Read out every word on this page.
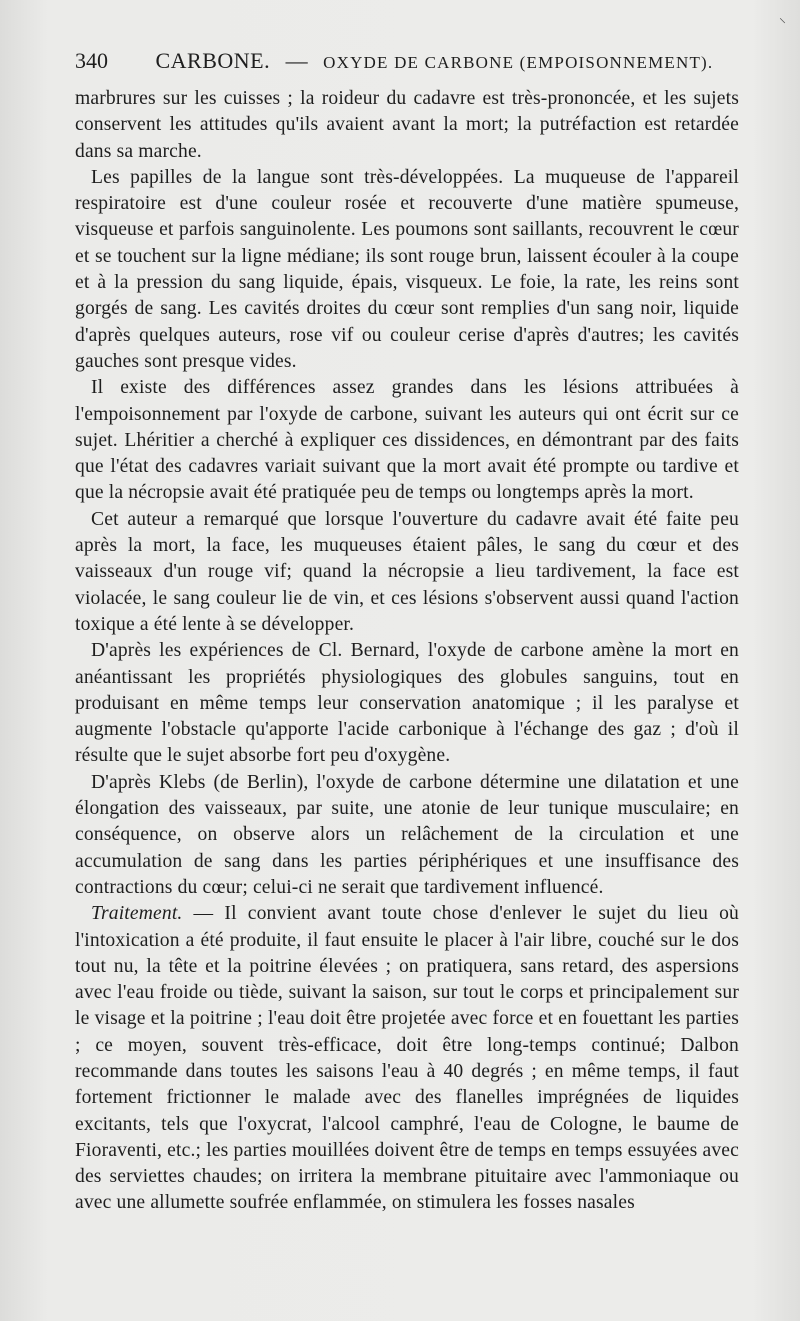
⸌
340 CARBONE. — OXYDE DE CARBONE (EMPOISONNEMENT).

marbrures sur les cuisses ; la roideur du cadavre est très-prononcée, et les sujets conservent les attitudes qu'ils avaient avant la mort; la putréfaction est retardée dans sa marche.

Les papilles de la langue sont très-développées. La muqueuse de l'appareil respiratoire est d'une couleur rosée et recouverte d'une matière spumeuse, visqueuse et parfois sanguinolente. Les poumons sont saillants, recouvrent le cœur et se touchent sur la ligne médiane; ils sont rouge brun, laissent écouler à la coupe et à la pression du sang liquide, épais, visqueux. Le foie, la rate, les reins sont gorgés de sang. Les cavités droites du cœur sont remplies d'un sang noir, liquide d'après quelques auteurs, rose vif ou couleur cerise d'après d'autres; les cavités gauches sont presque vides.

Il existe des différences assez grandes dans les lésions attribuées à l'empoisonnement par l'oxyde de carbone, suivant les auteurs qui ont écrit sur ce sujet. Lhéritier a cherché à expliquer ces dissidences, en démontrant par des faits que l'état des cadavres variait suivant que la mort avait été prompte ou tardive et que la nécropsie avait été pratiquée peu de temps ou longtemps après la mort.

Cet auteur a remarqué que lorsque l'ouverture du cadavre avait été faite peu après la mort, la face, les muqueuses étaient pâles, le sang du cœur et des vaisseaux d'un rouge vif; quand la nécropsie a lieu tardivement, la face est violacée, le sang couleur lie de vin, et ces lésions s'observent aussi quand l'action toxique a été lente à se développer.

D'après les expériences de Cl. Bernard, l'oxyde de carbone amène la mort en anéantissant les propriétés physiologiques des globules sanguins, tout en produisant en même temps leur conservation anatomique ; il les paralyse et augmente l'obstacle qu'apporte l'acide carbonique à l'échange des gaz ; d'où il résulte que le sujet absorbe fort peu d'oxygène.

D'après Klebs (de Berlin), l'oxyde de carbone détermine une dilatation et une élongation des vaisseaux, par suite, une atonie de leur tunique musculaire; en conséquence, on observe alors un relâchement de la circulation et une accumulation de sang dans les parties périphériques et une insuffisance des contractions du cœur; celui-ci ne serait que tardivement influencé.

Traitement. — Il convient avant toute chose d'enlever le sujet du lieu où l'intoxication a été produite, il faut ensuite le placer à l'air libre, couché sur le dos tout nu, la tête et la poitrine élevées ; on pratiquera, sans retard, des aspersions avec l'eau froide ou tiède, suivant la saison, sur tout le corps et principalement sur le visage et la poitrine ; l'eau doit être projetée avec force et en fouettant les parties ; ce moyen, souvent très-efficace, doit être long-temps continué; Dalbon recommande dans toutes les saisons l'eau à 40 degrés ; en même temps, il faut fortement frictionner le malade avec des flanelles imprégnées de liquides excitants, tels que l'oxycrat, l'alcool camphré, l'eau de Cologne, le baume de Fioraventi, etc.; les parties mouillées doivent être de temps en temps essuyées avec des serviettes chaudes; on irritera la membrane pituitaire avec l'ammoniaque ou avec une allumette soufrée enflammée, on stimulera les fosses nasales
